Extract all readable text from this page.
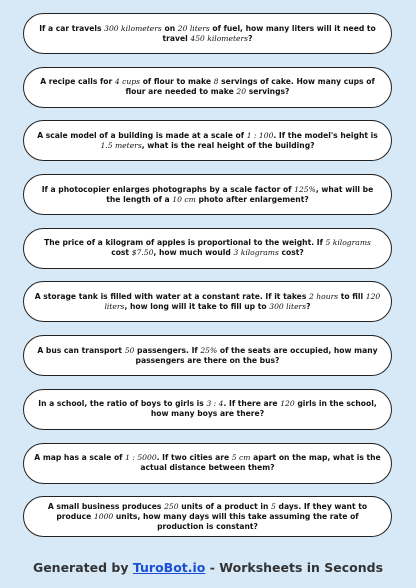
If a car travels 300 kilometers on 20 liters of fuel, how many liters will it need to travel 450 kilometers?
A recipe calls for 4 cups of flour to make 8 servings of cake. How many cups of flour are needed to make 20 servings?
A scale model of a building is made at a scale of 1 : 100. If the model's height is 1.5 meters, what is the real height of the building?
If a photocopier enlarges photographs by a scale factor of 125%, what will be the length of a 10 cm photo after enlargement?
The price of a kilogram of apples is proportional to the weight. If 5 kilograms cost $7.50, how much would 3 kilograms cost?
A storage tank is filled with water at a constant rate. If it takes 2 hours to fill 120 liters, how long will it take to fill up to 300 liters?
A bus can transport 50 passengers. If 25% of the seats are occupied, how many passengers are there on the bus?
In a school, the ratio of boys to girls is 3 : 4. If there are 120 girls in the school, how many boys are there?
A map has a scale of 1 : 5000. If two cities are 5 cm apart on the map, what is the actual distance between them?
A small business produces 250 units of a product in 5 days. If they want to produce 1000 units, how many days will this take assuming the rate of production is constant?
Generated by TuroBot.io - Worksheets in Seconds
